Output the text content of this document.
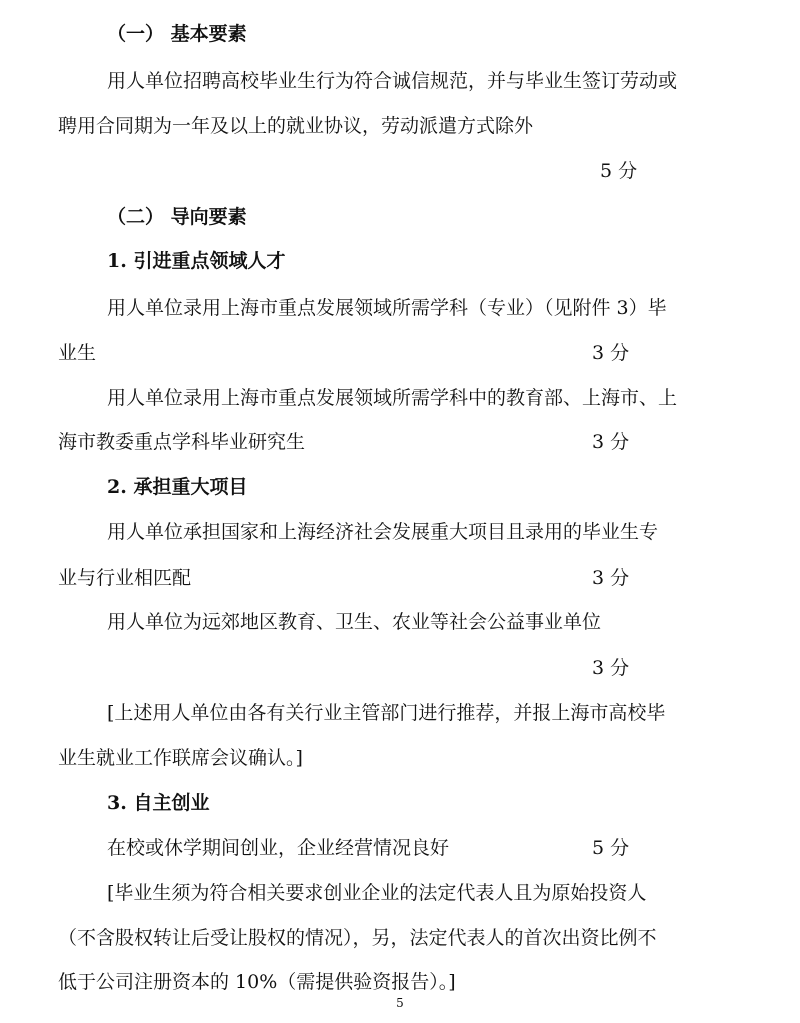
（一） 基本要素
用人单位招聘高校毕业生行为符合诚信规范，并与毕业生签订劳动或
聘用合同期为一年及以上的就业协议，劳动派遣方式除外
5 分
（二） 导向要素
1. 引进重点领域人才
用人单位录用上海市重点发展领域所需学科（专业）（见附件 3）毕
业生	3 分
用人单位录用上海市重点发展领域所需学科中的教育部、上海市、上
海市教委重点学科毕业研究生	3 分
2. 承担重大项目
用人单位承担国家和上海经济社会发展重大项目且录用的毕业生专
业与行业相匹配	3 分
用人单位为远郊地区教育、卫生、农业等社会公益事业单位
3 分
[上述用人单位由各有关行业主管部门进行推荐，并报上海市高校毕
业生就业工作联席会议确认。]
3. 自主创业
在校或休学期间创业，企业经营情况良好	5 分
[毕业生须为符合相关要求创业企业的法定代表人且为原始投资人
（不含股权转让后受让股权的情况），另，法定代表人的首次出资比例不
低于公司注册资本的 10%（需提供验资报告）。]
5
